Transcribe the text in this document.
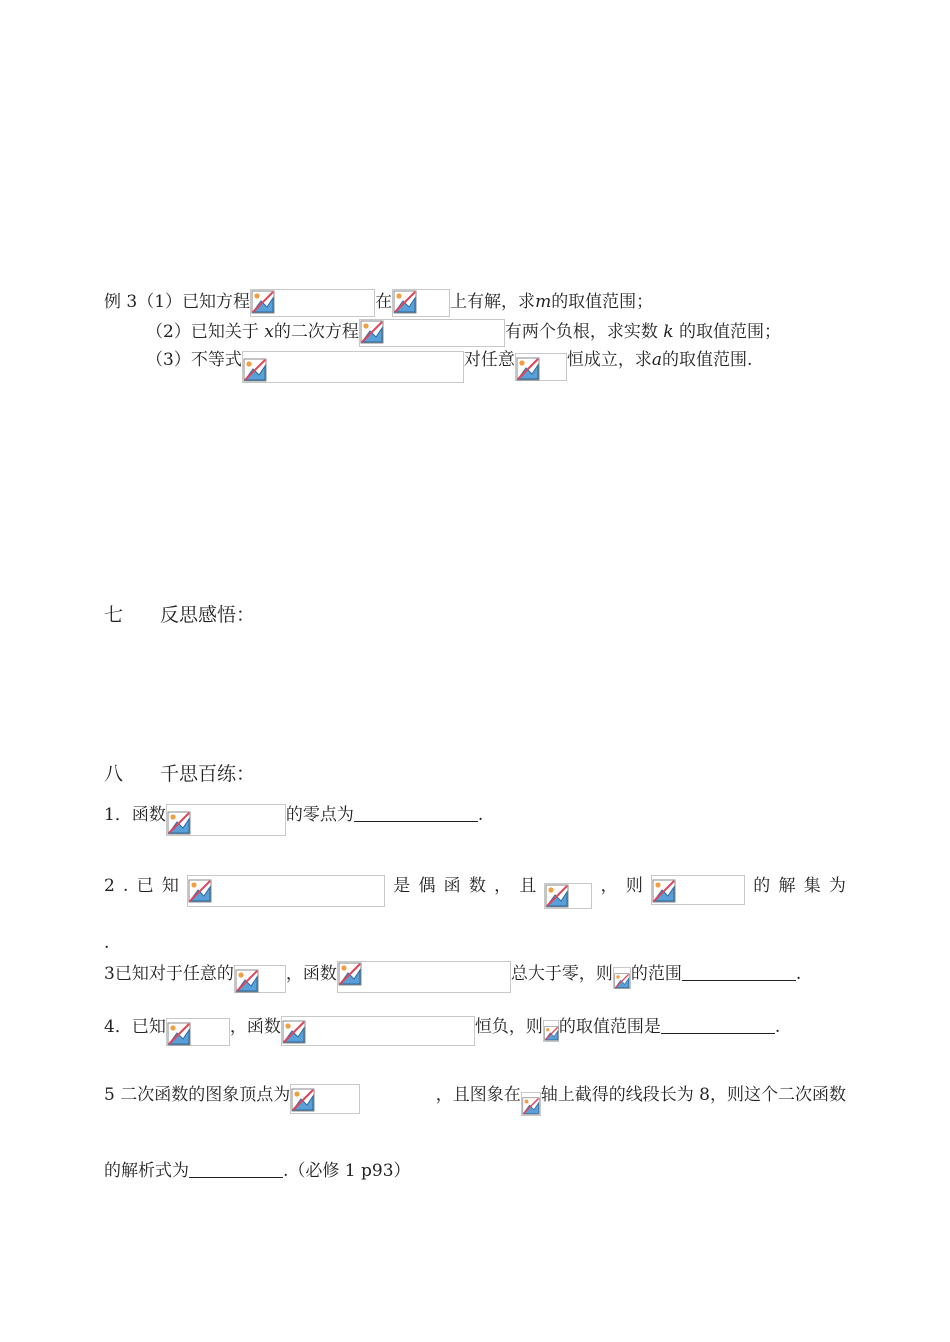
例 3（1）已知方程	在	上有解，求m的取值范围；
（2）已知关于 x的二次方程	有两个负根，求实数 k 的取值范围；
（3）不等式	对任意	恒成立，求a的取值范围.
七 反思感悟：
八 千思百练：
1．函数	的零点为	.
2 . 已 知	是 偶 函 数 ， 且	， 则	的 解 集 为
.
3已知对于任意的	，函数	总大于零，则 的范围	.
4．已知	，函数	恒负，则 的取值范围是	.
5 二次函数的图象顶点为	，且图象在 轴上截得的线段长为 8，则这个二次函数
的解析式为	.（必修 1 p93）
